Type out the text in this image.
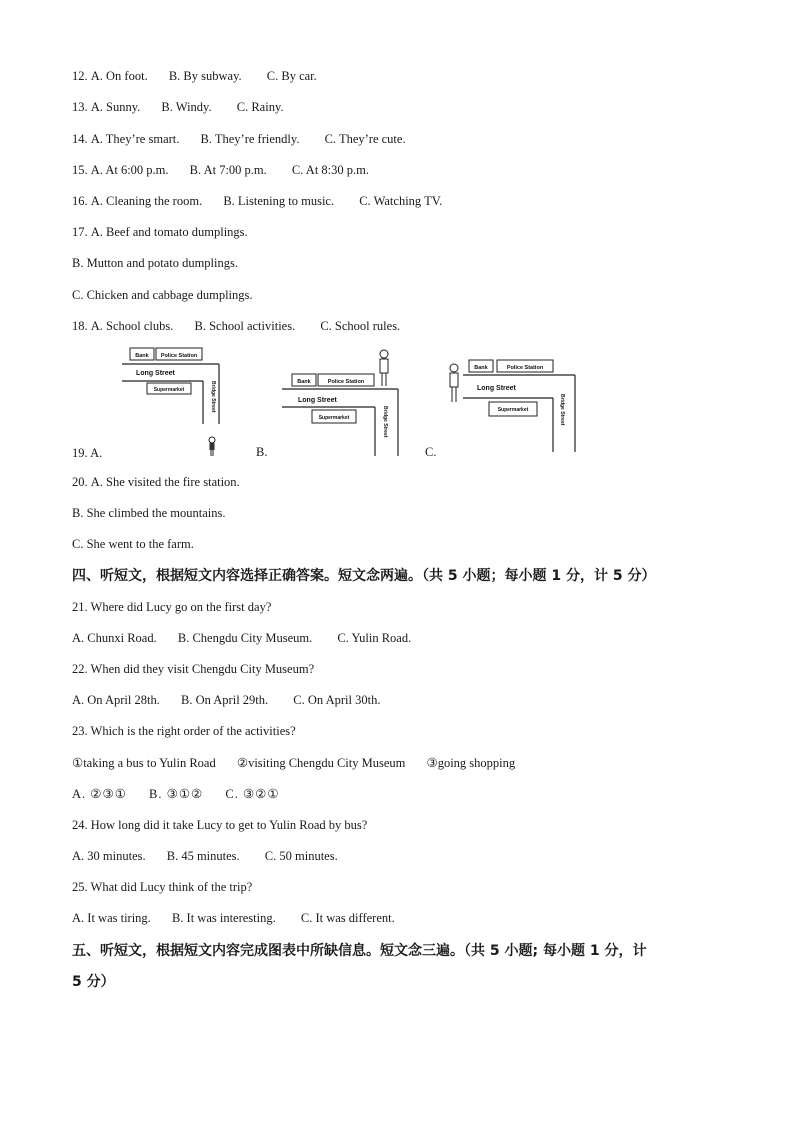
12. A. On foot. B. By subway. C. By car.
13. A. Sunny. B. Windy. C. Rainy.
14. A. They’re smart. B. They’re friendly. C. They’re cute.
15. A. At 6:00 p.m. B. At 7:00 p.m. C. At 8:30 p.m.
16. A. Cleaning the room. B. Listening to music. C. Watching TV.
17. A. Beef and tomato dumplings.
B. Mutton and potato dumplings.
C. Chicken and cabbage dumplings.
18. A. School clubs. B. School activities. C. School rules.
19. A.	B.	C.
Bank Police Station
Long Street
Supermarket	Bridge Street	Bank	Police Station
Long Street
Supermarket	Bridge Street
Bank	Police Station
Long Street
Supermarket	Bridge Street
20. A. She visited the fire station.
B. She climbed the mountains.
C. She went to the farm.
四、听短文，根据短文内容选择正确答案。短文念两遍。（共 5 小题；每小题 1 分，计 5 分）
21. Where did Lucy go on the first day?
A. Chunxi Road. B. Chengdu City Museum. C. Yulin Road.
22. When did they visit Chengdu City Museum?
A. On April 28th. B. On April 29th. C. On April 30th.
23. Which is the right order of the activities?
①taking a bus to Yulin Road ②visiting Chengdu City Museum ③going shopping
A. ②③① B. ③①② C. ③②①
24. How long did it take Lucy to get to Yulin Road by bus?
A. 30 minutes. B. 45 minutes. C. 50 minutes.
25. What did Lucy think of the trip?
A. It was tiring. B. It was interesting. C. It was different.
五、听短文，根据短文内容完成图表中所缺信息。短文念三遍。（共 5 小题; 每小题 1 分，计
5 分）
